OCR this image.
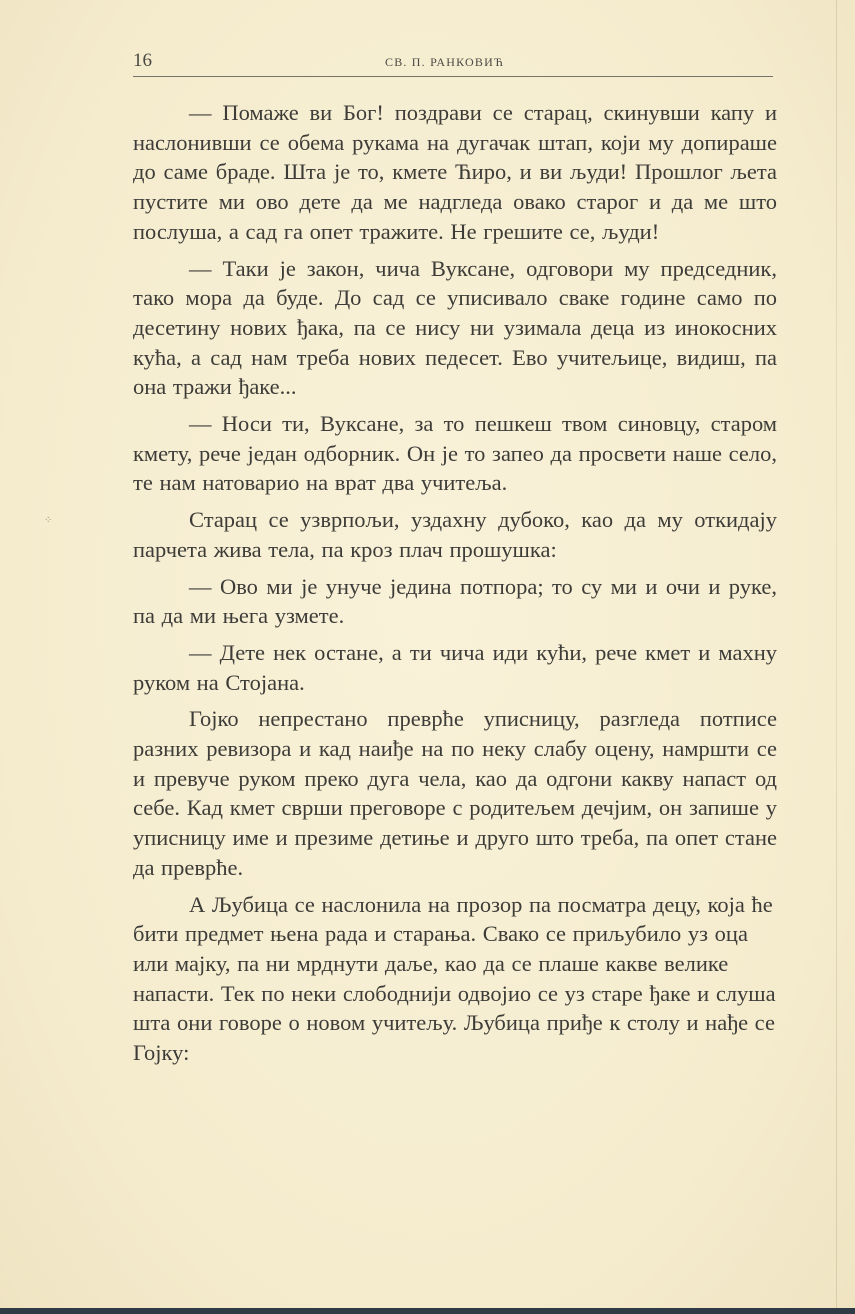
16	СВ. П. РАНКОВИЋ
⁘

— Помаже ви Бог! поздрави се старац, скинувши капу и наслонивши се обема рукама на дугачак штап, који му допираше до саме браде. Шта је то, кмете Ћиро, и ви људи! Прошлог љета пустите ми ово дете да ме надгледа овако старог и да ме што послуша, а сад га опет тражите. Не грешите се, људи!

— Таки је закон, чича Вуксане, одговори му председник, тако мора да буде. До сад се уписивало сваке године само по десетину нових ђака, па се нису ни узимала деца из инокосних кућа, а сад нам треба нових педесет. Ево учитељице, видиш, па она тражи ђаке...

— Носи ти, Вуксане, за то пешкеш твом синовцу, старом кмету, рече један одборник. Он је то запео да просвети наше село, те нам натоварио на врат два учитеља.

Старац се узврпољи, уздахну дубоко, као да му откидају парчета жива тела, па кроз плач прошушка:

— Ово ми је унуче једина потпора; то су ми и очи и руке, па да ми њега узмете.

— Дете нек остане, а ти чича иди кући, рече кмет и махну руком на Стојана.

Гојко непрестано преврће уписницу, разгледа потписе разних ревизора и кад наиђе на по неку слабу оцену, намршти се и превуче руком преко дуга чела, као да одгони какву напаст од себе. Кад кмет сврши преговоре с родитељем дечјим, он запише у уписницу име и презиме детиње и друго што треба, па опет стане да преврће.

А Љубица се наслонила на прозор па посматра децу, која ће бити предмет њена рада и старања. Свако се приљубило уз оца или мајку, па ни мрднути даље, као да се плаше какве велике напасти. Тек по неки слободнији одвојио се уз старе ђаке и слуша шта они говоре о новом учитељу. Љубица приђе к столу и нађе се Гојку:
